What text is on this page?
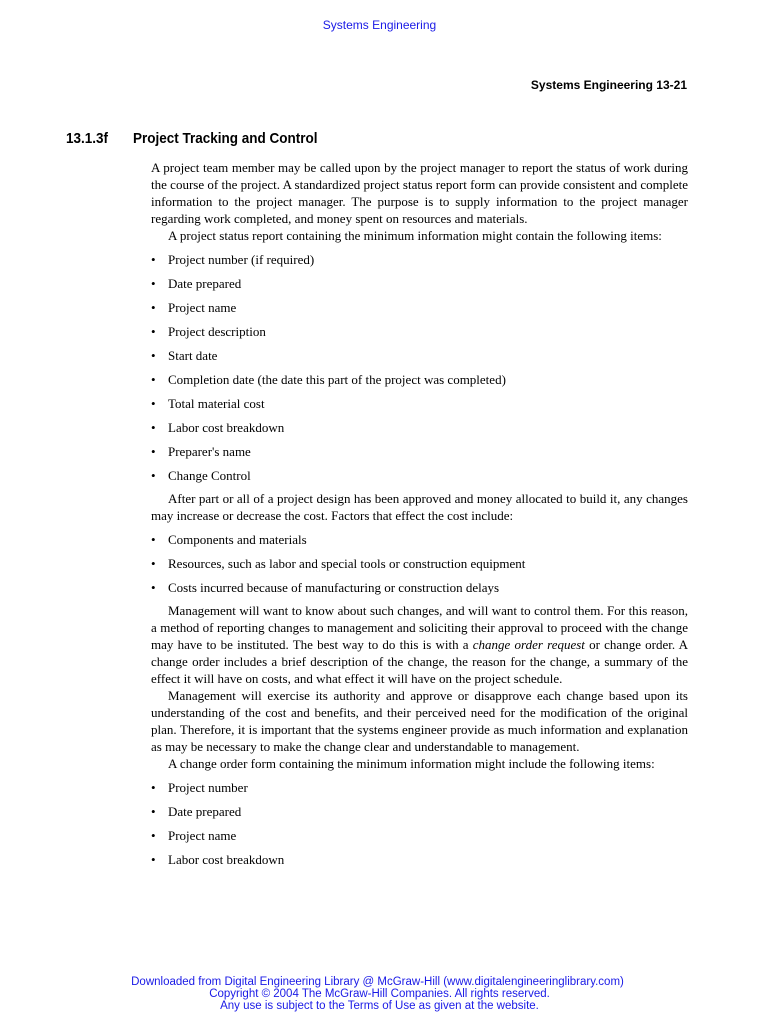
Systems Engineering
Systems Engineering 13-21
13.1.3f Project Tracking and Control

A project team member may be called upon by the project manager to report the status of work during the course of the project. A standardized project status report form can provide consistent and complete information to the project manager. The purpose is to supply information to the project manager regarding work completed, and money spent on resources and materials.

A project status report containing the minimum information might contain the following items:

• Project number (if required)
• Date prepared
• Project name
• Project description
• Start date
• Completion date (the date this part of the project was completed)
• Total material cost
• Labor cost breakdown
• Preparer's name
• Change Control

After part or all of a project design has been approved and money allocated to build it, any changes may increase or decrease the cost. Factors that effect the cost include:

• Components and materials
• Resources, such as labor and special tools or construction equipment
• Costs incurred because of manufacturing or construction delays

Management will want to know about such changes, and will want to control them. For this reason, a method of reporting changes to management and soliciting their approval to proceed with the change may have to be instituted. The best way to do this is with a change order request or change order. A change order includes a brief description of the change, the reason for the change, a summary of the effect it will have on costs, and what effect it will have on the project schedule.

Management will exercise its authority and approve or disapprove each change based upon its understanding of the cost and benefits, and their perceived need for the modification of the original plan. Therefore, it is important that the systems engineer provide as much information and explanation as may be necessary to make the change clear and understandable to management.

A change order form containing the minimum information might include the following items:

• Project number
• Date prepared
• Project name
• Labor cost breakdown
Downloaded from Digital Engineering Library @ McGraw-Hill (www.digitalengineeringlibrary.com)
Copyright © 2004 The McGraw-Hill Companies. All rights reserved.
Any use is subject to the Terms of Use as given at the website.
